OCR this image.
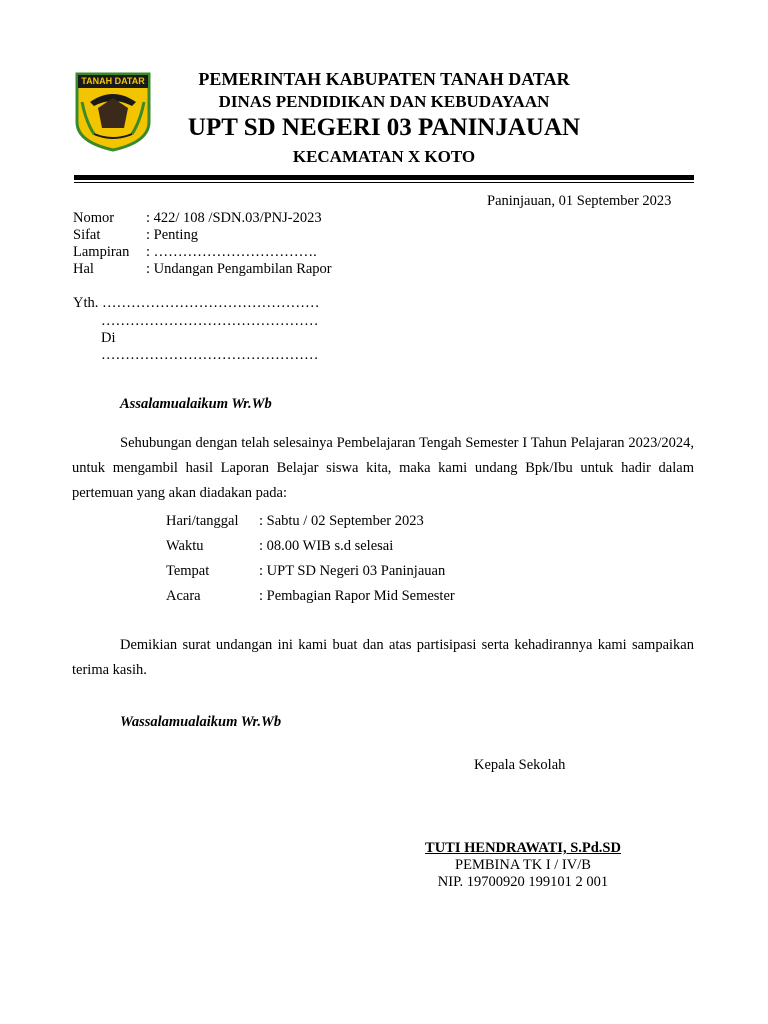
TANAH DATAR	PEMERINTAH KABUPATEN TANAH DATAR
DINAS PENDIDIKAN DAN KEBUDAYAAN
UPT SD NEGERI 03 PANINJAUAN
KECAMATAN X KOTO
Paninjauan, 01 September 2023
Nomor : 422/ 108 /SDN.03/PNJ-2023
Sifat	: Penting
Lampiran : …………………………….
Hal	: Undangan Pengambilan Rapor
Yth. ………………………………………
………………………………………
Di
………………………………………
Assalamualaikum Wr.Wb
Sehubungan dengan telah selesainya Pembelajaran Tengah Semester I Tahun Pelajaran 2023/2024, untuk mengambil hasil Laporan Belajar siswa kita, maka kami undang Bpk/Ibu untuk hadir dalam pertemuan yang akan diadakan pada:
Hari/tanggal : Sabtu / 02 September 2023
Waktu	: 08.00 WIB s.d selesai
Tempat	: UPT SD Negeri 03 Paninjauan
Acara	: Pembagian Rapor Mid Semester
Demikian surat undangan ini kami buat dan atas partisipasi serta kehadirannya kami sampaikan terima kasih.
Wassalamualaikum Wr.Wb
Kepala Sekolah
TUTI HENDRAWATI, S.Pd.SD
PEMBINA TK I / IV/B
NIP. 19700920 199101 2 001
